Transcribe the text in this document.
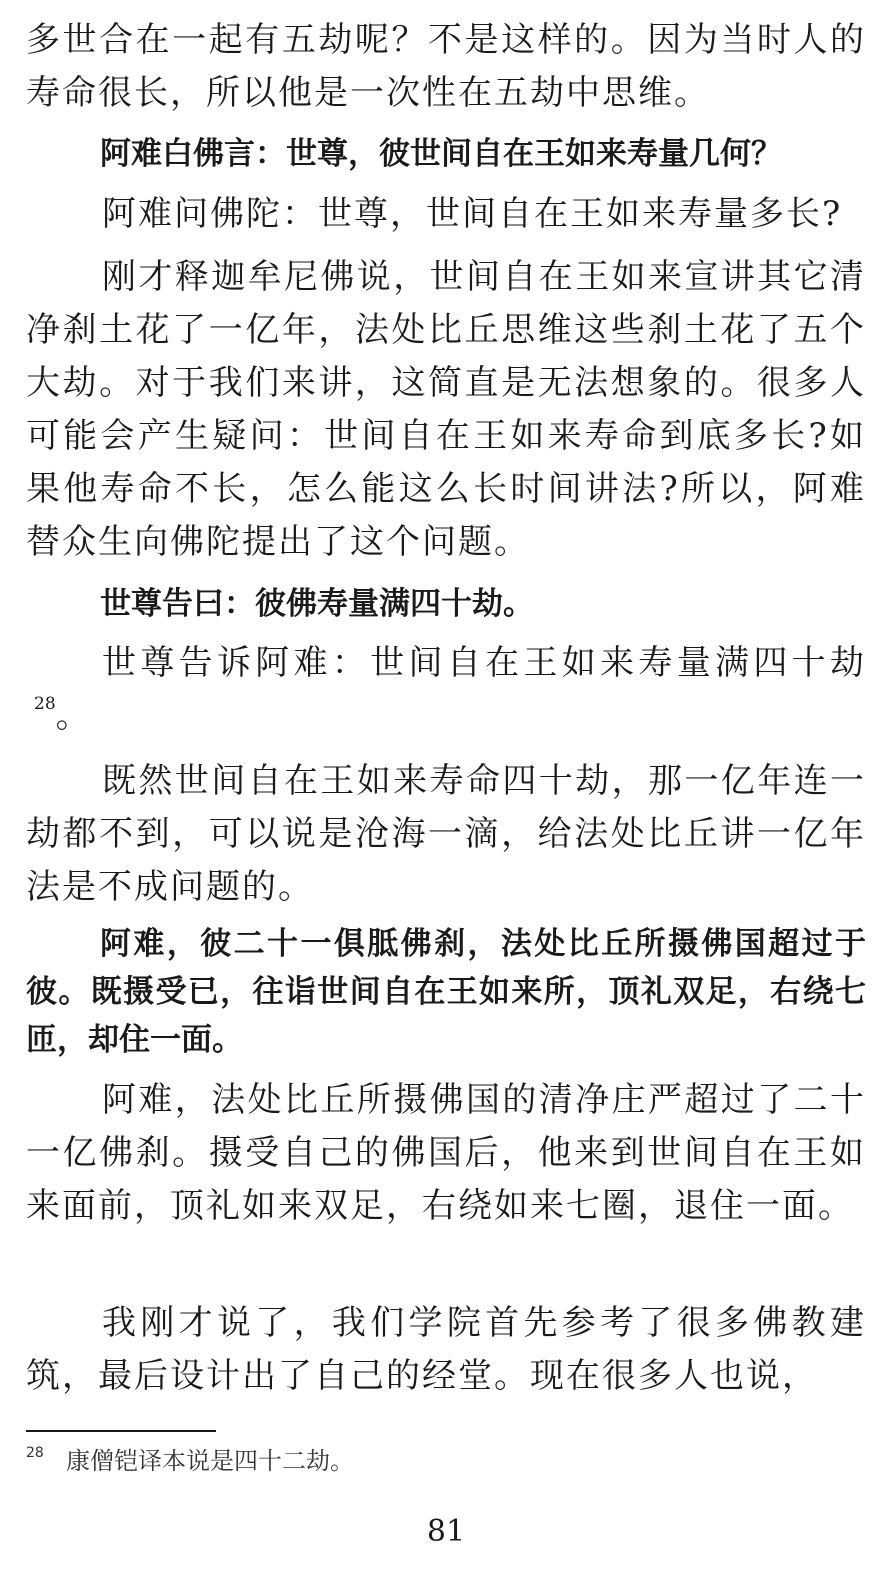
多世合在一起有五劫呢？不是这样的。因为当时人的寿命很长，所以他是一次性在五劫中思维。

阿难白佛言：世尊，彼世间自在王如来寿量几何？

阿难问佛陀：世尊，世间自在王如来寿量多长?

刚才释迦牟尼佛说，世间自在王如来宣讲其它清净刹土花了一亿年，法处比丘思维这些刹土花了五个大劫。对于我们来讲，这简直是无法想象的。很多人可能会产生疑问：世间自在王如来寿命到底多长?如果他寿命不长，怎么能这么长时间讲法?所以，阿难替众生向佛陀提出了这个问题。

世尊告曰：彼佛寿量满四十劫。

世尊告诉阿难：世间自在王如来寿量满四十劫$^{28}$。

既然世间自在王如来寿命四十劫，那一亿年连一劫都不到，可以说是沧海一滴，给法处比丘讲一亿年法是不成问题的。

阿难，彼二十一俱胝佛刹，法处比丘所摄佛国超过于彼。既摄受已，往诣世间自在王如来所，顶礼双足，右绕七匝，却住一面。

阿难，法处比丘所摄佛国的清净庄严超过了二十一亿佛刹。摄受自己的佛国后，他来到世间自在王如来面前，顶礼如来双足，右绕如来七圈，退住一面。

我刚才说了，我们学院首先参考了很多佛教建筑，最后设计出了自己的经堂。现在很多人也说，

28 康僧铠译本说是四十二劫。
81
